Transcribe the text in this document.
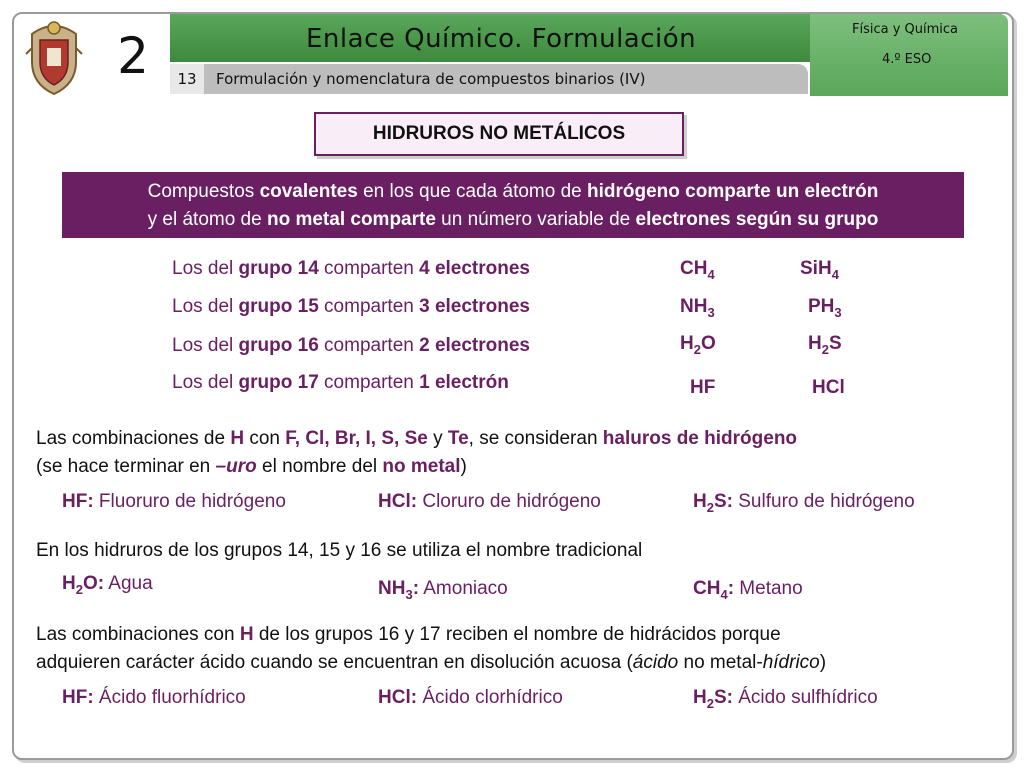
2	Enlace Químico. Formulación
13	Formulación y nomenclatura de compuestos binarios (IV)
Física y Química
4.º ESO
HIDRUROS NO METÁLICOS
Compuestos covalentes en los que cada átomo de hidrógeno comparte un electrón
y el átomo de no metal comparte un número variable de electrones según su grupo
Los del grupo 14 comparten 4 electrones	$CH_4$	SiH$_4$
Los del grupo 15 comparten 3 electrones	$NH_3$	$PH_3$
Los del grupo 16 comparten 2 electrones	$H_2O$	$H_2S$
Los del grupo 17 comparten 1 electrón	HF	HCl
Las combinaciones de H con F, Cl, Br, I, S, Se y Te, se consideran haluros de hidrógeno
(se hace terminar en –uro el nombre del no metal)
HF: Fluoruro de hidrógeno	HCl: Cloruro de hidrógeno	$H_2S$: Sulfuro de hidrógeno
En los hidruros de los grupos 14, 15 y 16 se utiliza el nombre tradicional
$H_2O$: Agua	$NH_3$: Amoniaco	$CH_4$: Metano
Las combinaciones con H de los grupos 16 y 17 reciben el nombre de hidrácidos porque
adquieren carácter ácido cuando se encuentran en disolución acuosa (ácido no metal-hídrico)
HF: Ácido fluorhídrico	HCl: Ácido clorhídrico	$H_2S$: Ácido sulfhídrico
